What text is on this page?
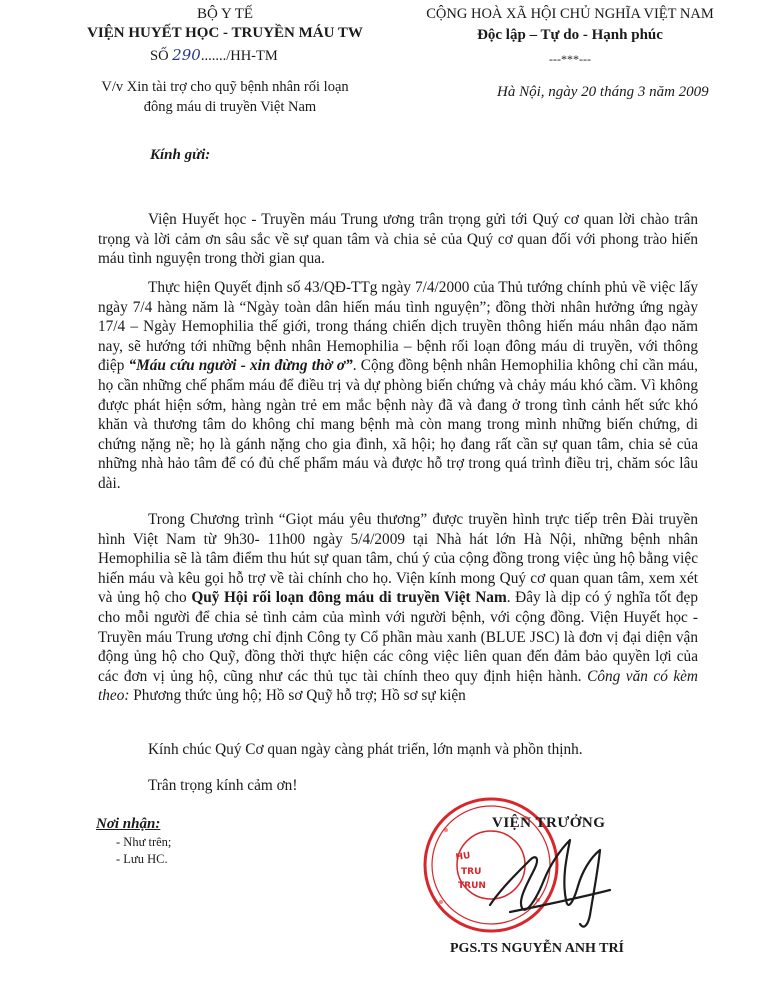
BỘ Y TẾ
VIỆN HUYẾT HỌC - TRUYỀN MÁU TW
SỐ 290......./HH-TM
V/v Xin tài trợ cho quỹ bệnh nhân rối loạn
đông máu di truyền Việt Nam
CỘNG HOÀ XÃ HỘI CHỦ NGHĨA VIỆT NAM
Độc lập – Tự do - Hạnh phúc
---***---
Hà Nội, ngày 20 tháng 3 năm 2009
Kính gửi:
Viện Huyết học - Truyền máu Trung ương trân trọng gửi tới Quý cơ quan lời chào trân trọng và lời cảm ơn sâu sắc về sự quan tâm và chia sẻ của Quý cơ quan đối với phong trào hiến máu tình nguyện trong thời gian qua.
Thực hiện Quyết định số 43/QĐ-TTg ngày 7/4/2000 của Thủ tướng chính phủ về việc lấy ngày 7/4 hàng năm là “Ngày toàn dân hiến máu tình nguyện”; đồng thời nhân hưởng ứng ngày 17/4 – Ngày Hemophilia thế giới, trong tháng chiến dịch truyền thông hiến máu nhân đạo năm nay, sẽ hướng tới những bệnh nhân Hemophilia – bệnh rối loạn đông máu di truyền, với thông điệp “Máu cứu người - xin đừng thờ ơ”. Cộng đồng bệnh nhân Hemophilia không chỉ cần máu, họ cần những chế phẩm máu để điều trị và dự phòng biến chứng và chảy máu khó cầm. Vì không được phát hiện sớm, hàng ngàn trẻ em mắc bệnh này đã và đang ở trong tình cảnh hết sức khó khăn và thương tâm do không chỉ mang bệnh mà còn mang trong mình những biến chứng, di chứng nặng nề; họ là gánh nặng cho gia đình, xã hội; họ đang rất cần sự quan tâm, chia sẻ của những nhà hảo tâm để có đủ chế phẩm máu và được hỗ trợ trong quá trình điều trị, chăm sóc lâu dài.
Trong Chương trình “Giọt máu yêu thương” được truyền hình trực tiếp trên Đài truyền hình Việt Nam từ 9h30- 11h00 ngày 5/4/2009 tại Nhà hát lớn Hà Nội, những bệnh nhân Hemophilia sẽ là tâm điểm thu hút sự quan tâm, chú ý của cộng đồng trong việc ủng hộ bằng việc hiến máu và kêu gọi hỗ trợ về tài chính cho họ. Viện kính mong Quý cơ quan quan tâm, xem xét và ủng hộ cho Quỹ Hội rối loạn đông máu di truyền Việt Nam. Đây là dịp có ý nghĩa tốt đẹp cho mỗi người để chia sẻ tình cảm của mình với người bệnh, với cộng đồng. Viện Huyết học - Truyền máu Trung ương chỉ định Công ty Cổ phần màu xanh (BLUE JSC) là đơn vị đại diện vận động ủng hộ cho Quỹ, đồng thời thực hiện các công việc liên quan đến đảm bảo quyền lợi của các đơn vị ủng hộ, cũng như các thủ tục tài chính theo quy định hiện hành. Công văn có kèm theo: Phương thức ủng hộ; Hồ sơ Quỹ hỗ trợ; Hồ sơ sự kiện
Kính chúc Quý Cơ quan ngày càng phát triển, lớn mạnh và phồn thịnh.
Trân trọng kính cảm ơn!
Nơi nhận:
- Như trên;
- Lưu HC.	HU
TRU
TRUN
VIỆN TRƯỞNG
PGS.TS NGUYỄN ANH TRÍ
